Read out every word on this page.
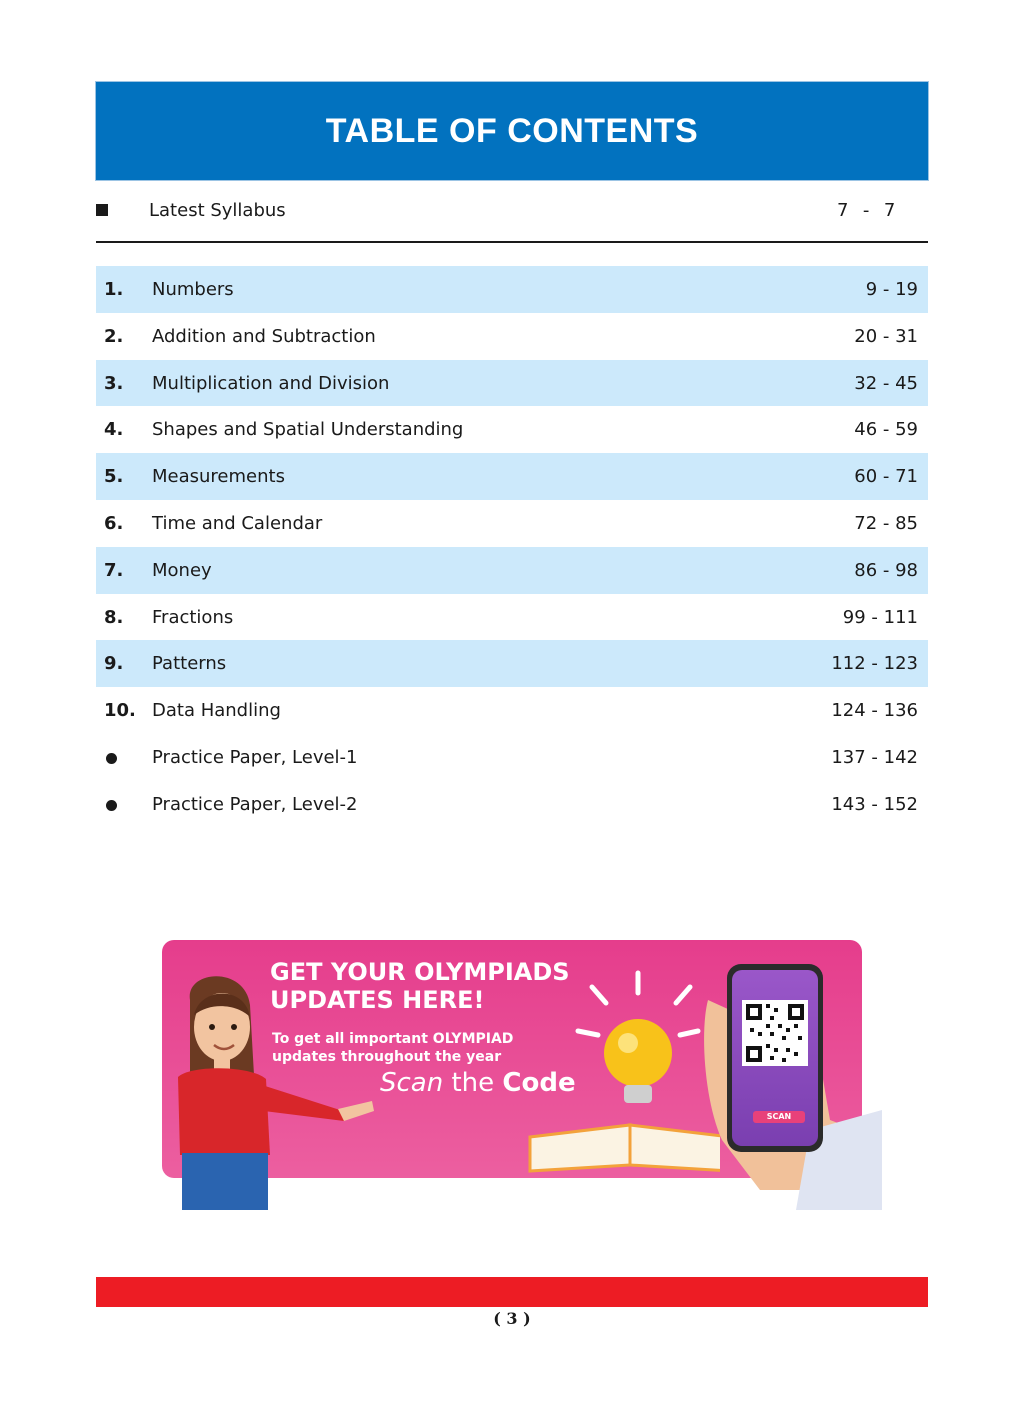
TABLE OF CONTENTS
Latest Syllabus	7  -  7
1. Numbers	9 - 19
2. Addition and Subtraction	20 - 31
3. Multiplication and Division	32 - 45
4. Shapes and Spatial Understanding	46 - 59
5. Measurements	60 - 71
6. Time and Calendar	72 - 85
7. Money	86 - 98
8. Fractions	99 - 111
9. Patterns	112 - 123
10. Data Handling	124 - 136
Practice Paper, Level-1	137 - 142
Practice Paper, Level-2	143 - 152
GET YOUR OLYMPIADS UPDATES HERE!
To get all important OLYMPIAD updates throughout the year
Scan the Code
SCAN
( 3 )
